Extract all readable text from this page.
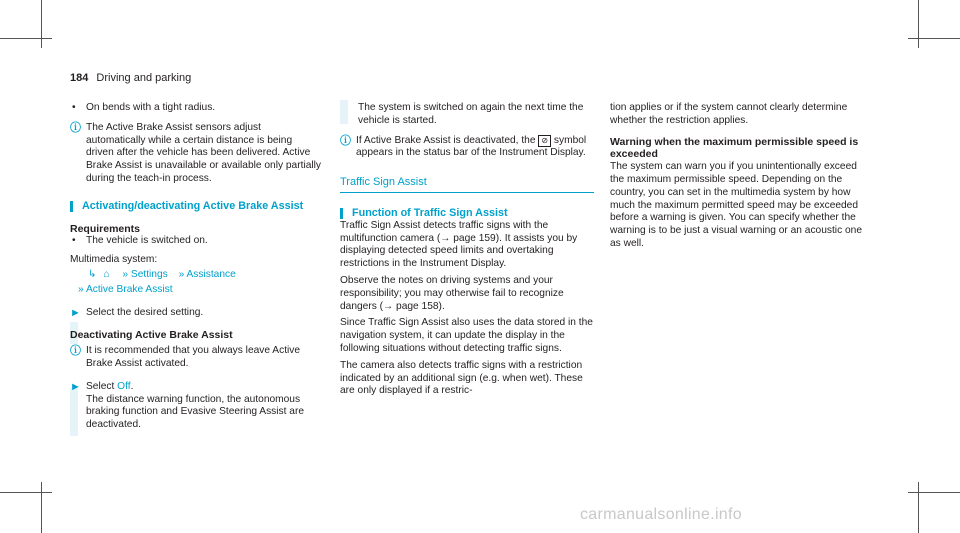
184 Driving and parking

• On bends with a tight radius.

ⓘ The Active Brake Assist sensors adjust automatically while a certain distance is being driven after the vehicle has been delivered. Active Brake Assist is unavailable or available only partially during the teach-in process.
Activating/deactivating Active Brake Assist
Requirements

• The vehicle is switched on.

Multimedia system:

↳ ⌂ » Settings » Assistance
» Active Brake Assist
► Select the desired setting.
Deactivating Active Brake Assist
ⓘ It is recommended that you always leave Active Brake Assist activated.
► Select Off.
The distance warning function, the autonomous braking function and Evasive Steering Assist are deactivated.

The system is switched on again the next time the vehicle is started.

ⓘ If Active Brake Assist is deactivated, the ⊘ symbol appears in the status bar of the Instrument Display.
Traffic Sign Assist
Function of Traffic Sign Assist

Traffic Sign Assist detects traffic signs with the multifunction camera (→ page 159). It assists you by displaying detected speed limits and overtaking restrictions in the Instrument Display.

Observe the notes on driving systems and your responsibility; you may otherwise fail to recognize dangers (→ page 158).

Since Traffic Sign Assist also uses the data stored in the navigation system, it can update the display in the following situations without detecting traffic signs.

The camera also detects traffic signs with a restriction indicated by an additional sign (e.g. when wet). These are only displayed if a restric-

tion applies or if the system cannot clearly determine whether the restriction applies.

Warning when the maximum permissible speed is exceeded

The system can warn you if you unintentionally exceed the maximum permissible speed. Depending on the country, you can set in the multimedia system by how much the maximum permitted speed may be exceeded before a warning is given. You can specify whether the warning is to be just a visual warning or an acoustic one as well.

carmanualsonline.info
